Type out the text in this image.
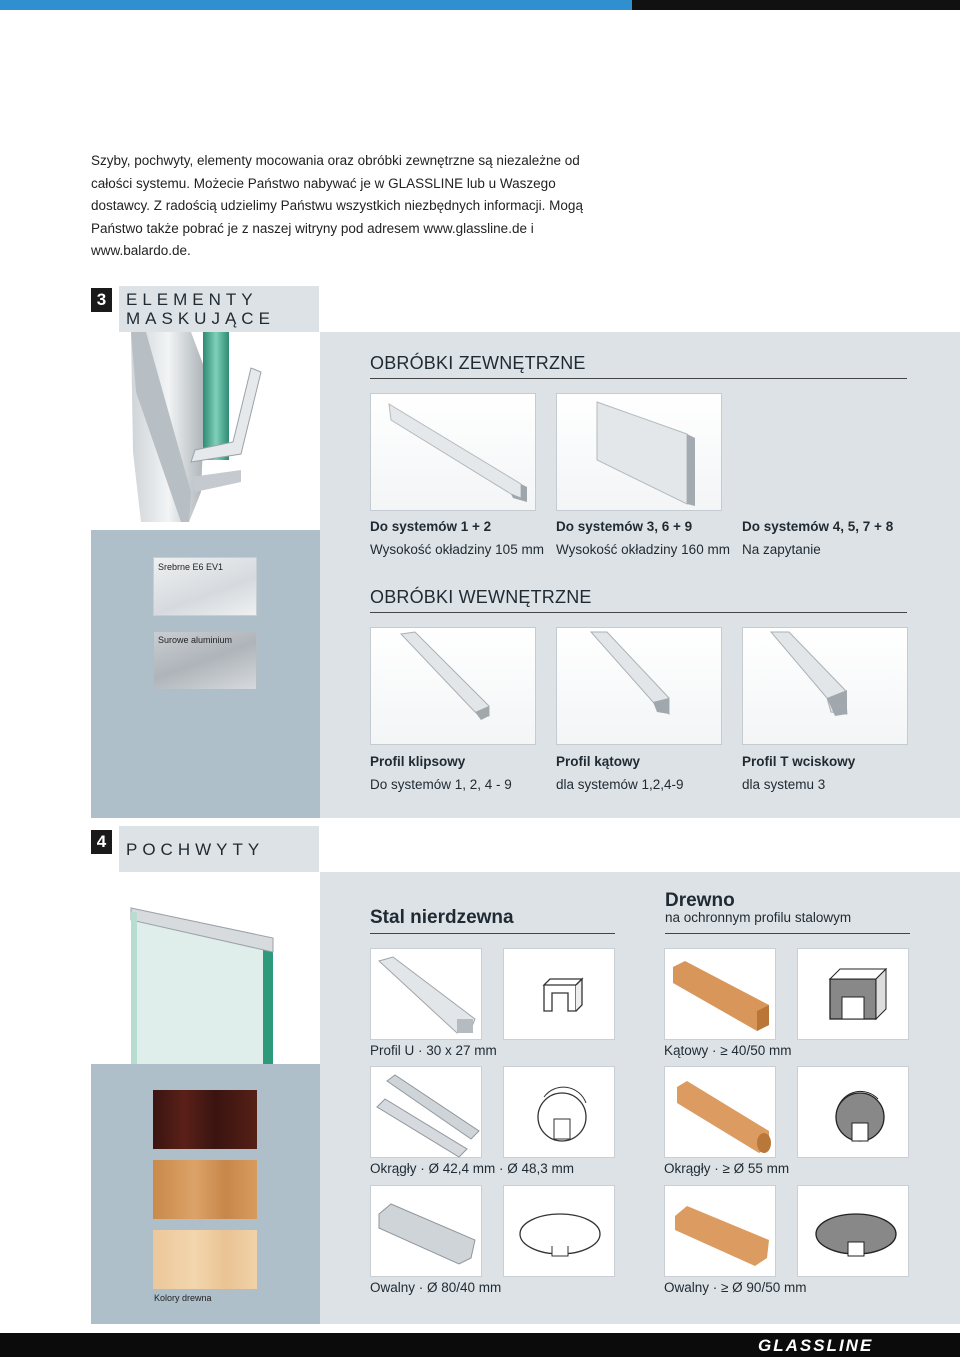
Szyby, pochwyty, elementy mocowania oraz obróbki zewnętrzne są niezależne od całości systemu. Możecie Państwo nabywać je w GLASSLINE lub u Waszego dostawcy. Z radością udzielimy Państwu wszystkich niezbędnych informacji. Mogą Państwo także pobrać je z naszej witryny pod adresem www.glassline.de i www.balardo.de.

3	ELEMENTY
MASKUJĄCE
Srebrne E6 EV1
Surowe aluminium
OBRÓBKI ZEWNĘTRZNE
Do systemów 1 + 2
Wysokość okładziny 105 mm
Do systemów 3, 6 + 9
Wysokość okładziny 160 mm
Do systemów 4, 5, 7 + 8
Na zapytanie
OBRÓBKI WEWNĘTRZNE
Profil klipsowy
Do systemów 1, 2, 4 - 9
Profil kątowy
dla systemów 1,2,4-9
Profil T wciskowy
dla systemu 3
4	POCHWYTY
Kolory drewna
Stal nierdzewna
Drewno
na ochronnym profilu stalowym
Profil U · 30 x 27 mm	Kątowy · ≥ 40/50 mm
Okrągły · Ø 42,4 mm · Ø 48,3 mm	Okrągły · ≥ Ø 55 mm
Owalny · Ø 80/40 mm	Owalny · ≥ Ø 90/50 mm
GLASSLINE
